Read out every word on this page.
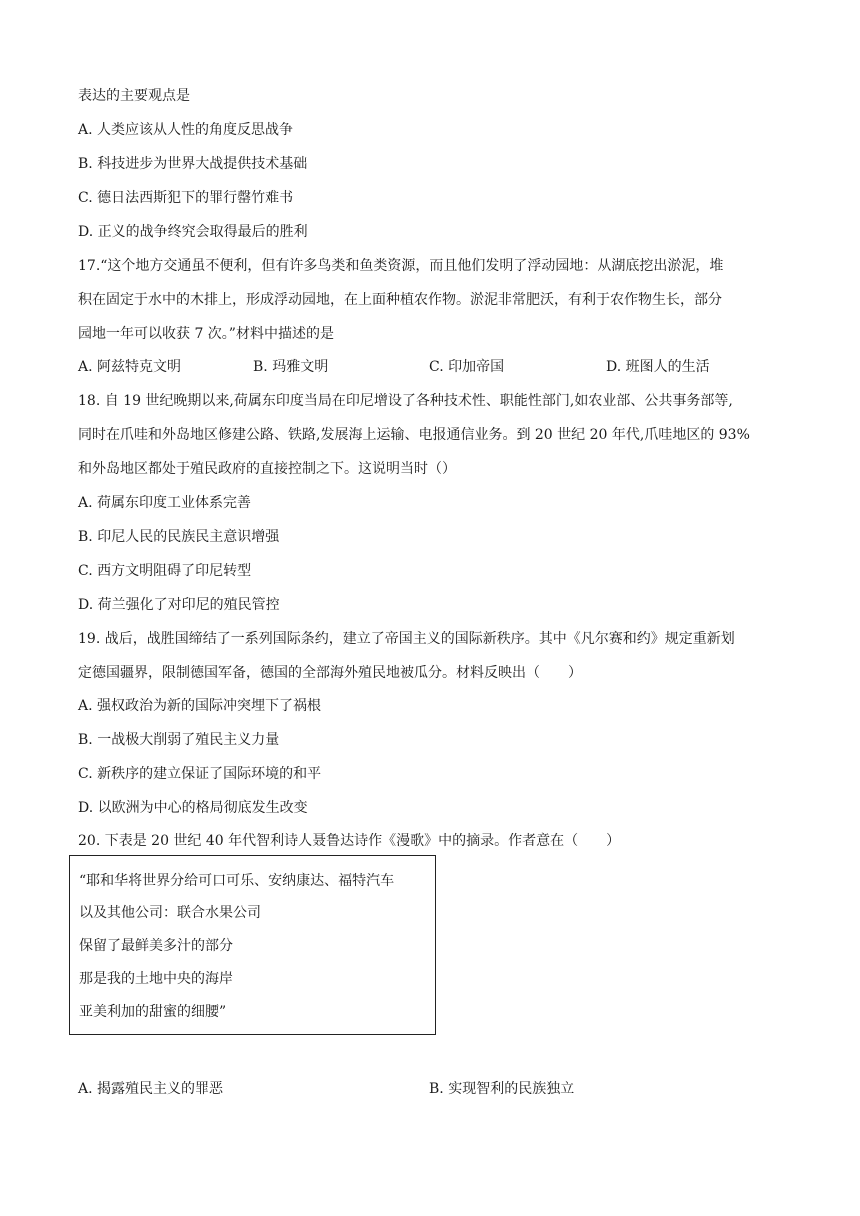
表达的主要观点是
A. 人类应该从人性的角度反思战争
B. 科技进步为世界大战提供技术基础
C. 德日法西斯犯下的罪行罄竹难书
D. 正义的战争终究会取得最后的胜利
17.“这个地方交通虽不便利，但有许多鸟类和鱼类资源，而且他们发明了浮动园地：从湖底挖出淤泥，堆
积在固定于水中的木排上，形成浮动园地，在上面种植农作物。淤泥非常肥沃，有利于农作物生长，部分
园地一年可以收获 7 次。”材料中描述的是
A. 阿兹特克文明	B. 玛雅文明	C. 印加帝国	D. 班图人的生活
18. 自 19 世纪晚期以来,荷属东印度当局在印尼增设了各种技术性、职能性部门,如农业部、公共事务部等,
同时在爪哇和外岛地区修建公路、铁路,发展海上运输、电报通信业务。到 20 世纪 20 年代,爪哇地区的 93%
和外岛地区都处于殖民政府的直接控制之下。这说明当时（）
A. 荷属东印度工业体系完善
B. 印尼人民的民族民主意识增强
C. 西方文明阻碍了印尼转型
D. 荷兰强化了对印尼的殖民管控
19. 战后，战胜国缔结了一系列国际条约，建立了帝国主义的国际新秩序。其中《凡尔赛和约》规定重新划
定德国疆界，限制德国军备，德国的全部海外殖民地被瓜分。材料反映出（　　）
A. 强权政治为新的国际冲突埋下了祸根
B. 一战极大削弱了殖民主义力量
C. 新秩序的建立保证了国际环境的和平
D. 以欧洲为中心的格局彻底发生改变
20. 下表是 20 世纪 40 年代智利诗人聂鲁达诗作《漫歌》中的摘录。作者意在（　　）
“耶和华将世界分给可口可乐、安纳康达、福特汽车
以及其他公司：联合水果公司
保留了最鲜美多汁的部分
那是我的土地中央的海岸
亚美利加的甜蜜的细腰”
A. 揭露殖民主义的罪恶	B. 实现智利的民族独立
